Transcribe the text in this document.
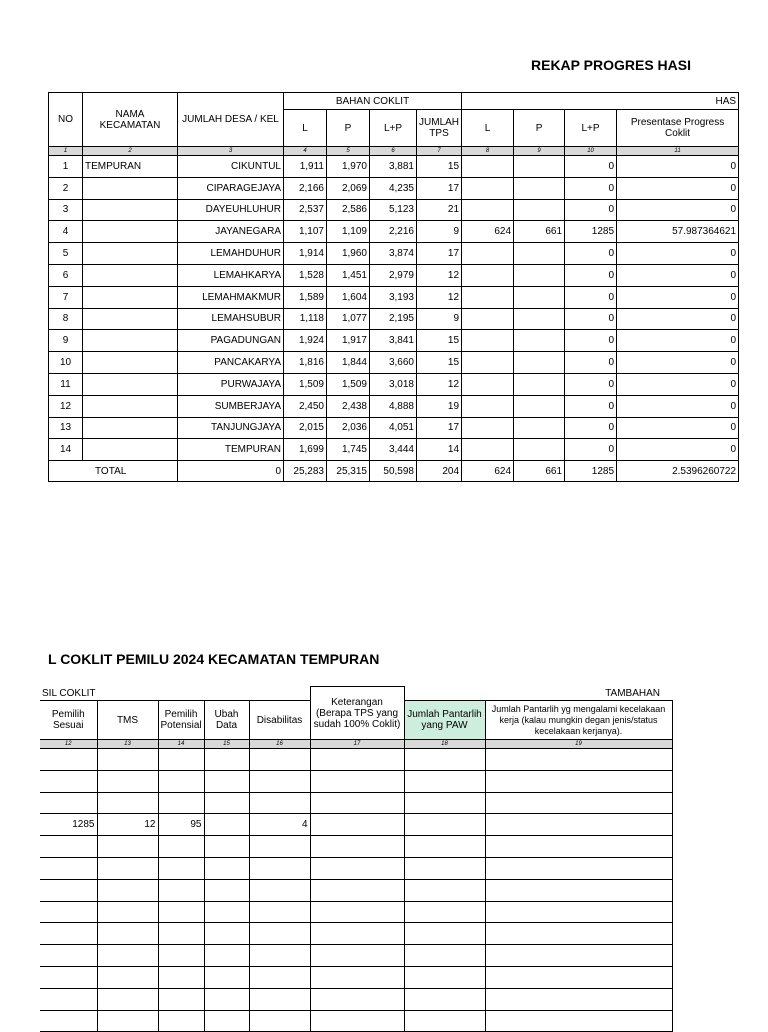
REKAP PROGRES HASI
NO	NAMA KECAMATAN	JUMLAH DESA / KEL	BAHAN COKLIT				HAS			
			L	P	L+P	JUMLAH TPS	L	P	L+P	Presentase Progress Coklit
1	2	3	4	5	6	7	8	9	10	11
1	TEMPURAN	CIKUNTUL	1,911	1,970	3,881	15			0	0
2		CIPARAGEJAYA	2,166	2,069	4,235	17			0	0
3		DAYEUHLUHUR	2,537	2,586	5,123	21			0	0
4		JAYANEGARA	1,107	1,109	2,216	9	624	661	1285	57.987364621
5		LEMAHDUHUR	1,914	1,960	3,874	17			0	0
6		LEMAHKARYA	1,528	1,451	2,979	12			0	0
7		LEMAHMAKMUR	1,589	1,604	3,193	12			0	0
8		LEMAHSUBUR	1,118	1,077	2,195	9			0	0
9		PAGADUNGAN	1,924	1,917	3,841	15			0	0
10		PANCAKARYA	1,816	1,844	3,660	15			0	0
11		PURWAJAYA	1,509	1,509	3,018	12			0	0
12		SUMBERJAYA	2,450	2,438	4,888	19			0	0
13		TANJUNGJAYA	2,015	2,036	4,051	17			0	0
14		TEMPURAN	1,699	1,745	3,444	14			0	0
TOTAL		0	25,283	25,315	50,598	204	624	661	1285	2.5396260722
L COKLIT PEMILU 2024 KECAMATAN TEMPURAN
SIL COKLIT					Keterangan (Berapa TPS yang sudah 100% Coklit)	TAMBAHAN	
Pemilih Sesuai	TMS	Pemilih Potensial	Ubah Data	Disabilitas		Jumlah Pantarlih yang PAW	Jumlah Pantarlih yg mengalami kecelakaan kerja (kalau mungkin degan jenis/status kecelakaan kerjanya).
12	13	14	15	16	17	18	19

1285	12	95		4			
